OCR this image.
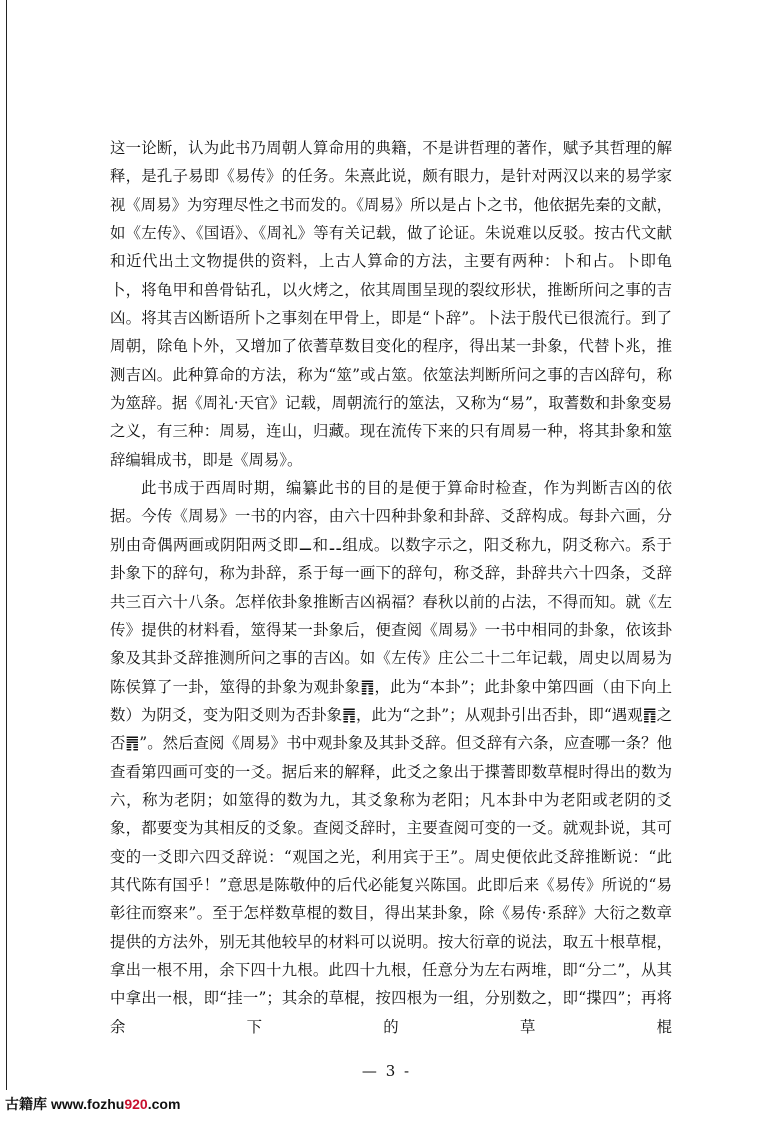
这一论断，认为此书乃周朝人算命用的典籍，不是讲哲理的著作，赋予其哲理的解释，是孔子易即《易传》的任务。朱熹此说，颇有眼力，是针对两汉以来的易学家视《周易》为穷理尽性之书而发的。《周易》所以是占卜之书，他依据先秦的文献，如《左传》、《国语》、《周礼》等有关记载，做了论证。朱说难以反驳。按古代文献和近代出土文物提供的资料，上古人算命的方法，主要有两种：卜和占。卜即龟卜，将龟甲和兽骨钻孔，以火烤之，依其周围呈现的裂纹形状，推断所问之事的吉凶。将其吉凶断语所卜之事刻在甲骨上，即是“卜辞”。卜法于殷代已很流行。到了周朝，除龟卜外，又增加了依蓍草数目变化的程序，得出某一卦象，代替卜兆，推测吉凶。此种算命的方法，称为“筮”或占筮。依筮法判断所问之事的吉凶辞句，称为筮辞。据《周礼·天官》记载，周朝流行的筮法，又称为“易”，取蓍数和卦象变易之义，有三种：周易，连山，归藏。现在流传下来的只有周易一种，将其卦象和筮辞编辑成书，即是《周易》。

此书成于西周时期，编纂此书的目的是便于算命时检查，作为判断吉凶的依据。今传《周易》一书的内容，由六十四种卦象和卦辞、爻辞构成。每卦六画，分别由奇偶两画或阴阳两爻即⚊和⚋组成。以数字示之，阳爻称九，阴爻称六。系于卦象下的辞句，称为卦辞，系于每一画下的辞句，称爻辞，卦辞共六十四条，爻辞共三百六十八条。怎样依卦象推断吉凶祸福？春秋以前的占法，不得而知。就《左传》提供的材料看，筮得某一卦象后，便查阅《周易》一书中相同的卦象，依该卦象及其卦爻辞推测所问之事的吉凶。如《左传》庄公二十二年记载，周史以周易为陈侯算了一卦，筮得的卦象为观卦象䷓，此为“本卦”；此卦象中第四画（由下向上数）为阴爻，变为阳爻则为否卦象䷋，此为“之卦”；从观卦引出否卦，即“遇观䷓之否䷋”。然后查阅《周易》书中观卦象及其卦爻辞。但爻辞有六条，应查哪一条？他查看第四画可变的一爻。据后来的解释，此爻之象出于揲蓍即数草棍时得出的数为六，称为老阴；如筮得的数为九，其爻象称为老阳；凡本卦中为老阳或老阴的爻象，都要变为其相反的爻象。查阅爻辞时，主要查阅可变的一爻。就观卦说，其可变的一爻即六四爻辞说：“观国之光，利用宾于王”。周史便依此爻辞推断说：“此其代陈有国乎！”意思是陈敬仲的后代必能复兴陈国。此即后来《易传》所说的“易彰往而察来”。至于怎样数草棍的数目，得出某卦象，除《易传·系辞》大衍之数章提供的方法外，别无其他较早的材料可以说明。按大衍章的说法，取五十根草棍，拿出一根不用，余下四十九根。此四十九根，任意分为左右两堆，即“分二”，从其中拿出一根，即“挂一”；其余的草棍，按四根为一组，分别数之，即“揲四”；再将余下的草棍

— 3 -
古籍库 www.fozhu920.com
